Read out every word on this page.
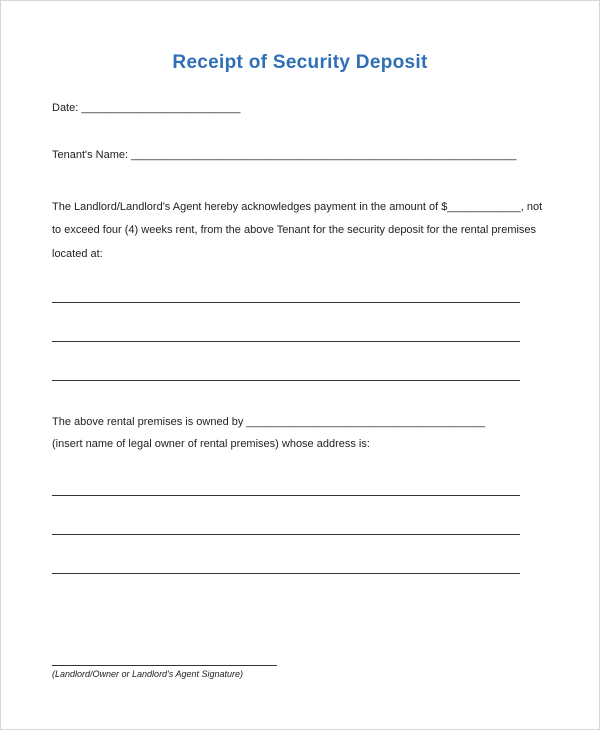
Receipt of Security Deposit
Date: __________________________
Tenant's Name: _______________________________________________________________
The Landlord/Landlord's Agent hereby acknowledges payment in the amount of $____________, not
to exceed four (4) weeks rent, from the above Tenant for the security deposit for the rental premises
located at:
The above rental premises is owned by _______________________________________
(insert name of legal owner of rental premises) whose address is:
(Landlord/Owner or Landlord's Agent Signature)
